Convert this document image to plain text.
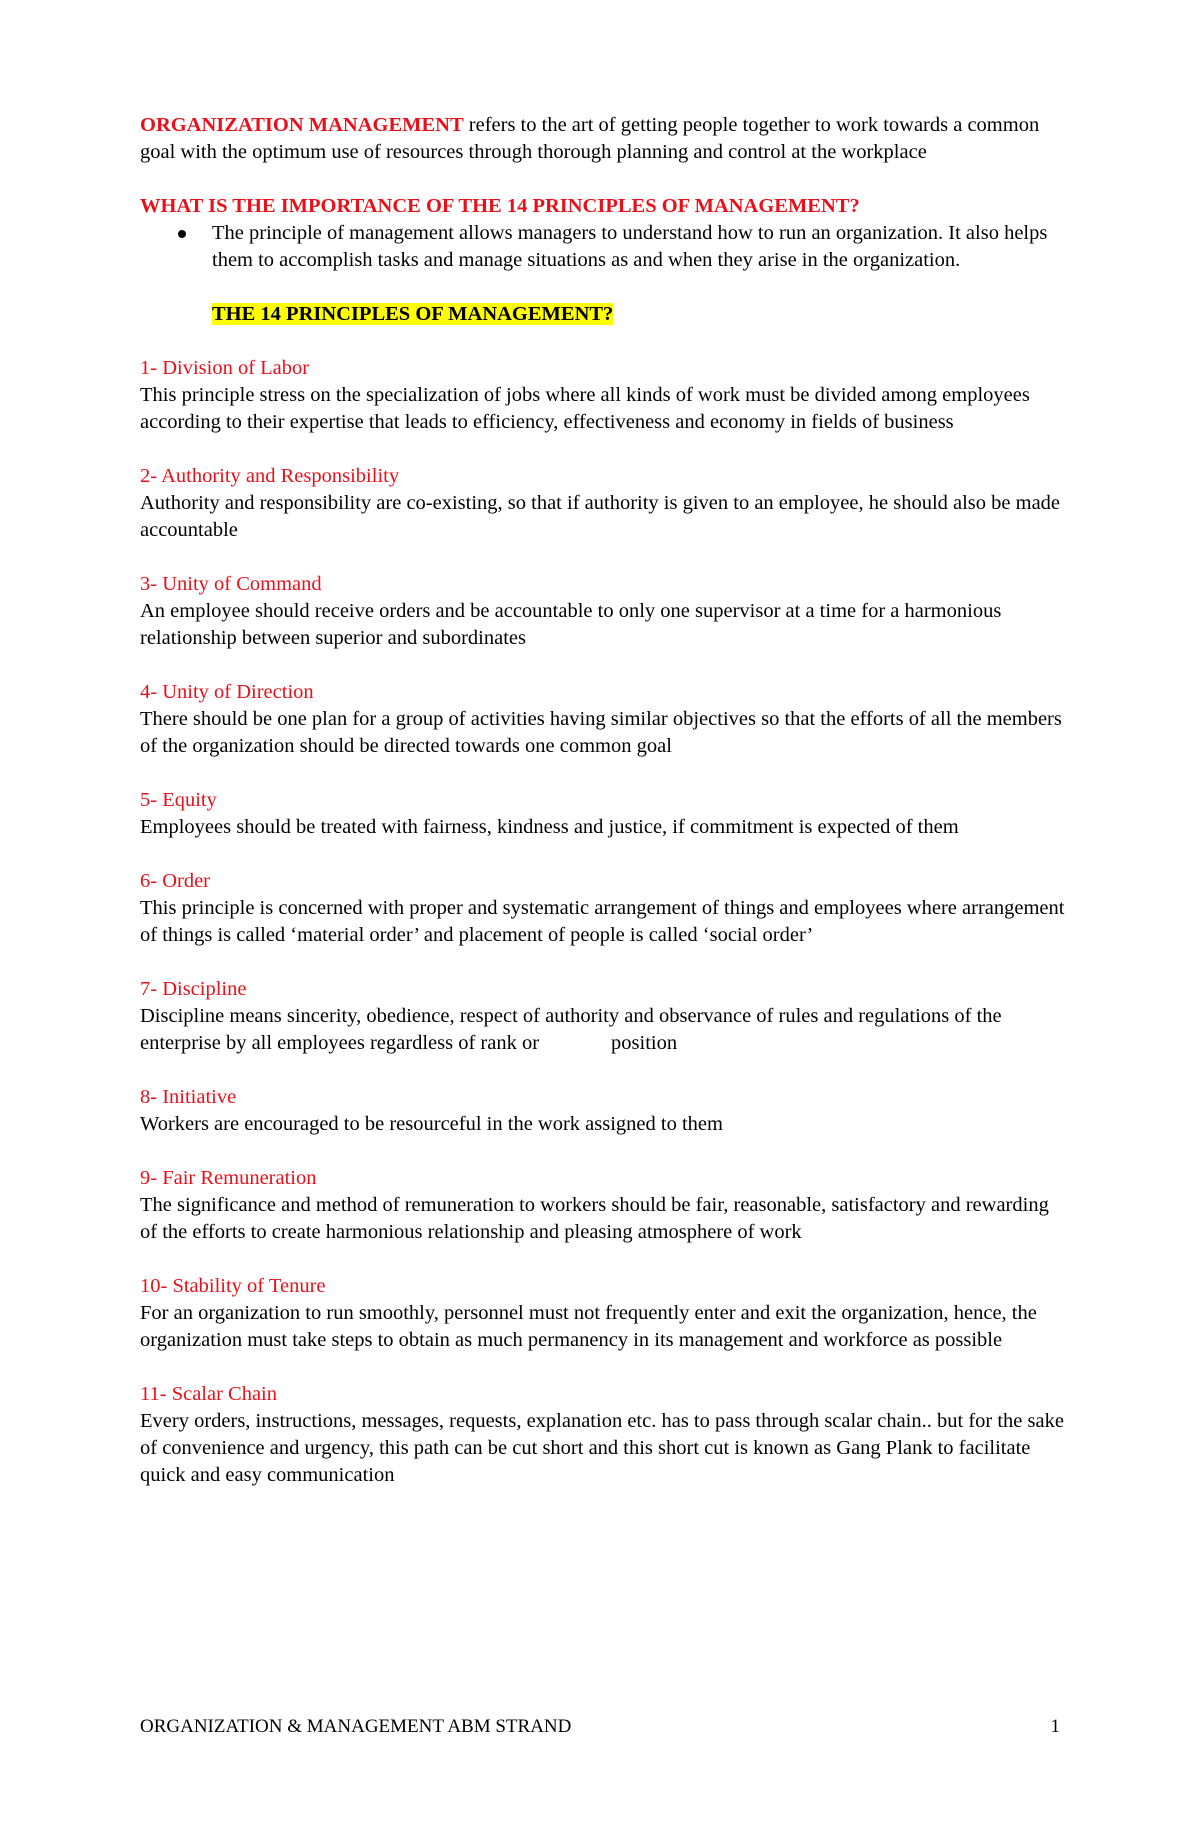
ORGANIZATION MANAGEMENT refers to the art of getting people together to work towards a common goal with the optimum use of resources through thorough planning and control at the workplace

WHAT IS THE IMPORTANCE OF THE 14 PRINCIPLES OF MANAGEMENT?

The principle of management allows managers to understand how to run an organization. It also helps them to accomplish tasks and manage situations as and when they arise in the organization.
THE 14 PRINCIPLES OF MANAGEMENT?

1- Division of Labor

This principle stress on the specialization of jobs where all kinds of work must be divided among employees according to their expertise that leads to efficiency, effectiveness and economy in fields of business

2- Authority and Responsibility

Authority and responsibility are co-existing, so that if authority is given to an employee, he should also be made accountable

3- Unity of Command

An employee should receive orders and be accountable to only one supervisor at a time for a harmonious relationship between superior and subordinates

4- Unity of Direction

There should be one plan for a group of activities having similar objectives so that the efforts of all the members of the organization should be directed towards one common goal

5- Equity

Employees should be treated with fairness, kindness and justice, if commitment is expected of them

6- Order

This principle is concerned with proper and systematic arrangement of things and employees where arrangement of things is called ‘material order’ and placement of people is called ‘social order’

7- Discipline

Discipline means sincerity, obedience, respect of authority and observance of rules and regulations of the enterprise by all employees regardless of rank or	position

8- Initiative

Workers are encouraged to be resourceful in the work assigned to them

9- Fair Remuneration

The significance and method of remuneration to workers should be fair, reasonable, satisfactory and rewarding of the efforts to create harmonious relationship and pleasing atmosphere of work

10- Stability of Tenure

For an organization to run smoothly, personnel must not frequently enter and exit the organization, hence, the organization must take steps to obtain as much permanency in its management and workforce as possible

11- Scalar Chain

Every orders, instructions, messages, requests, explanation etc. has to pass through scalar chain.. but for the sake of convenience and urgency, this path can be cut short and this short cut is known as Gang Plank to facilitate quick and easy communication

ORGANIZATION & MANAGEMENT ABM STRAND	1
